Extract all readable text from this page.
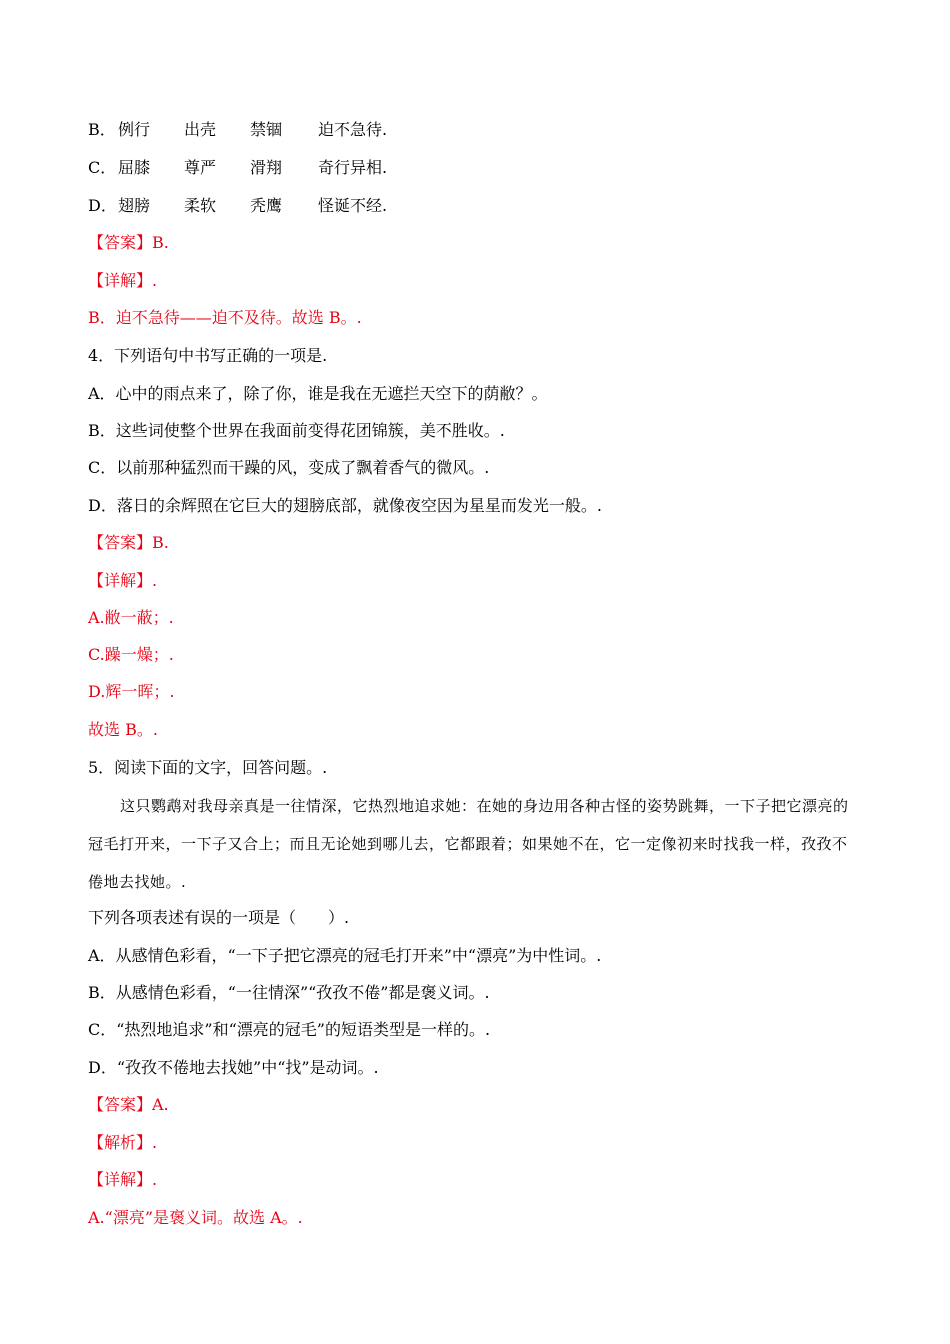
B． 例行 出壳 禁锢 迫不急待.
C． 屈膝 尊严 滑翔 奇行异相.
D．翅膀 柔软 秃鹰 怪诞不经.
【答案】B.
【详解】.
B．迫不急待——迫不及待。故选 B。.
4．下列语句中书写正确的一项是.
A．心中的雨点来了，除了你，谁是我在无遮拦天空下的荫敝？。
B．这些词使整个世界在我面前变得花团锦簇，美不胜收。.
C．以前那种猛烈而干躁的风，变成了飘着香气的微风。.
D．落日的余辉照在它巨大的翅膀底部，就像夜空因为星星而发光一般。.
【答案】B.
【详解】.
A.敝一蔽；.
C.躁一燥；.
D.辉一晖；.
故选 B。.
5．阅读下面的文字，回答问题。.
这只鹦鹉对我母亲真是一往情深，它热烈地追求她：在她的身边用各种古怪的姿势跳舞，一下子把它漂亮的冠毛打开来，一下子又合上；而且无论她到哪儿去，它都跟着；如果她不在，它一定像初来时找我一样，孜孜不倦地去找她。.
下列各项表述有误的一项是（　　）.
A．从感情色彩看，“一下子把它漂亮的冠毛打开来”中“漂亮”为中性词。.
B．从感情色彩看，“一往情深”“孜孜不倦”都是褒义词。.
C．“热烈地追求”和“漂亮的冠毛”的短语类型是一样的。.
D．“孜孜不倦地去找她”中“找”是动词。.
【答案】A.
【解析】.
【详解】.
A.“漂亮”是褒义词。故选 A。.
